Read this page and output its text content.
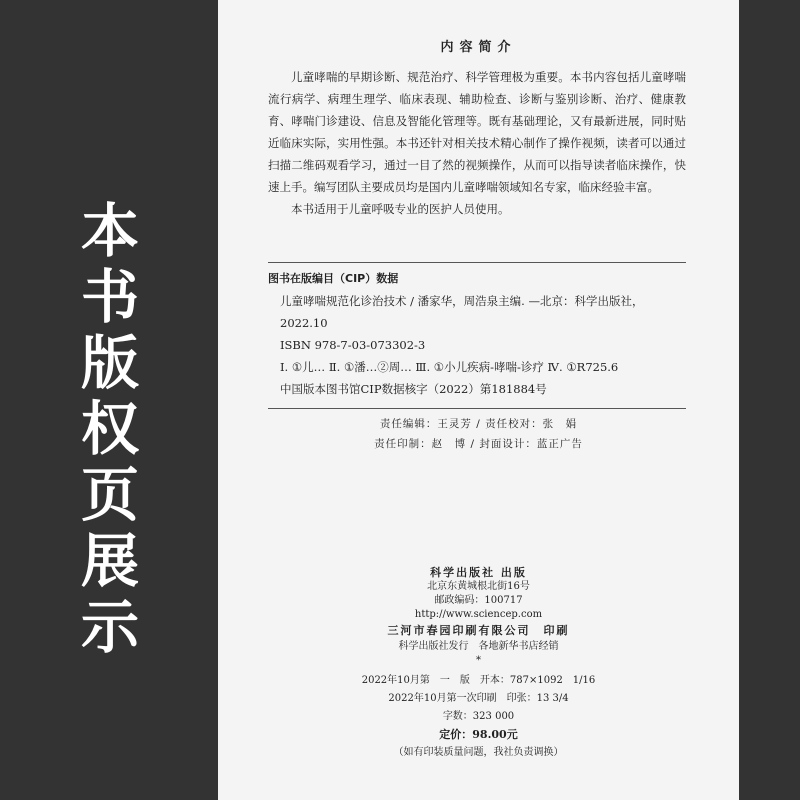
本
书
版
权
页
展
示
内容简介

儿童哮喘的早期诊断、规范治疗、科学管理极为重要。本书内容包括儿童哮喘流行病学、病理生理学、临床表现、辅助检查、诊断与鉴别诊断、治疗、健康教育、哮喘门诊建设、信息及智能化管理等。既有基础理论，又有最新进展，同时贴近临床实际，实用性强。本书还针对相关技术精心制作了操作视频，读者可以通过扫描二维码观看学习，通过一目了然的视频操作，从而可以指导读者临床操作，快速上手。编写团队主要成员均是国内儿童哮喘领域知名专家，临床经验丰富。

本书适用于儿童呼吸专业的医护人员使用。

图书在版编目（CIP）数据
儿童哮喘规范化诊治技术 / 潘家华，周浩泉主编. —北京：科学出版社，
2022.10
ISBN 978-7-03-073302-3
Ⅰ. ①儿… Ⅱ. ①潘…②周… Ⅲ. ①小儿疾病-哮喘-诊疗 Ⅳ. ①R725.6
中国版本图书馆CIP数据核字（2022）第181884号
责任编辑：王灵芳 / 责任校对：张　娟
责任印制：赵　博 / 封面设计：蓝正广告
科学出版社 出版
北京东黄城根北街16号
邮政编码：100717
http://www.sciencep.com
三河市春园印刷有限公司　印刷
科学出版社发行　各地新华书店经销
*
2022年10月第　一　版　开本：787×1092　1/16
2022年10月第一次印刷　印张：13 3/4
字数：323 000
定价：98.00元
（如有印装质量问题，我社负责调换）
